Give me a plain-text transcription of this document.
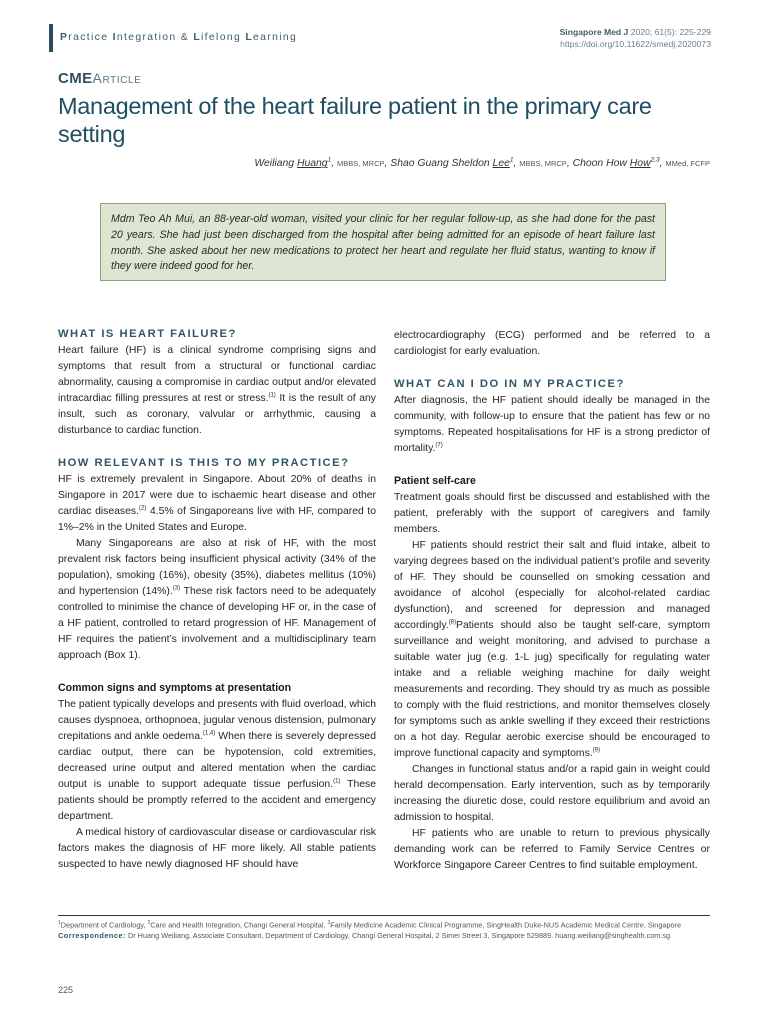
Practice Integration & Lifelong Learning	Singapore Med J 2020; 61(5): 225-229
https://doi.org/10.11622/smedj.2020073
CMEArticle
Management of the heart failure patient in the primary care setting
Weiliang Huang$^1$, MBBS, MRCP, Shao Guang Sheldon Lee$^1$, MBBS, MRCP, Choon How How$^{2,3}$, MMed, FCFP

Mdm Teo Ah Mui, an 88-year-old woman, visited your clinic for her regular follow-up, as she had done for the past 20 years. She had just been discharged from the hospital after being admitted for an episode of heart failure last month. She asked about her new medications to protect her heart and regulate her fluid status, wanting to know if they were indeed good for her.

WHAT IS HEART FAILURE?

Heart failure (HF) is a clinical syndrome comprising signs and symptoms that result from a structural or functional cardiac abnormality, causing a compromise in cardiac output and/or elevated intracardiac filling pressures at rest or stress.$^{(1)}$ It is the result of any insult, such as coronary, valvular or arrhythmic, causing a disturbance to cardiac function.

HOW RELEVANT IS THIS TO MY PRACTICE?

HF is extremely prevalent in Singapore. About 20% of deaths in Singapore in 2017 were due to ischaemic heart disease and other cardiac diseases.$^{(2)}$ 4.5% of Singaporeans live with HF, compared to 1%–2% in the United States and Europe.

Many Singaporeans are also at risk of HF, with the most prevalent risk factors being insufficient physical activity (34% of the population), smoking (16%), obesity (35%), diabetes mellitus (10%) and hypertension (14%).$^{(3)}$ These risk factors need to be adequately controlled to minimise the chance of developing HF or, in the case of a HF patient, controlled to retard progression of HF. Management of HF requires the patient’s involvement and a multidisciplinary team approach (Box 1).

Common signs and symptoms at presentation

The patient typically develops and presents with fluid overload, which causes dyspnoea, orthopnoea, jugular venous distension, pulmonary crepitations and ankle oedema.$^{(1,4)}$ When there is severely depressed cardiac output, there can be hypotension, cold extremities, decreased urine output and altered mentation when the cardiac output is unable to support adequate tissue perfusion.$^{(1)}$ These patients should be promptly referred to the accident and emergency department.

A medical history of cardiovascular disease or cardiovascular risk factors makes the diagnosis of HF more likely. All stable patients suspected to have newly diagnosed HF should have

electrocardiography (ECG) performed and be referred to a cardiologist for early evaluation.

WHAT CAN I DO IN MY PRACTICE?

After diagnosis, the HF patient should ideally be managed in the community, with follow-up to ensure that the patient has few or no symptoms. Repeated hospitalisations for HF is a strong predictor of mortality.$^{(7)}$

Patient self-care

Treatment goals should first be discussed and established with the patient, preferably with the support of caregivers and family members.

HF patients should restrict their salt and fluid intake, albeit to varying degrees based on the individual patient’s profile and severity of HF. They should be counselled on smoking cessation and avoidance of alcohol (especially for alcohol-related cardiac dysfunction), and screened for depression and managed accordingly.$^{(8)}$Patients should also be taught self-care, symptom surveillance and weight monitoring, and advised to purchase a suitable water jug (e.g. 1-L jug) specifically for regulating water intake and a reliable weighing machine for daily weight measurements and recording. They should try as much as possible to comply with the fluid restrictions, and monitor themselves closely for symptoms such as ankle swelling if they exceed their restrictions on a hot day. Regular aerobic exercise should be encouraged to improve functional capacity and symptoms.$^{(9)}$

Changes in functional status and/or a rapid gain in weight could herald decompensation. Early intervention, such as by temporarily increasing the diuretic dose, could restore equilibrium and avoid an admission to hospital.

HF patients who are unable to return to previous physically demanding work can be referred to Family Service Centres or Workforce Singapore Career Centres to find suitable employment.

$^1$Department of Cardiology, $^2$Care and Health Integration, Changi General Hospital, $^3$Family Medicine Academic Clinical Programme, SingHealth Duke-NUS Academic Medical Centre, Singapore

Correspondence: Dr Huang Weiliang, Associate Consultant, Department of Cardiology, Changi General Hospital, 2 Simei Street 3, Singapore 529889. huang.weiliang@singhealth.com.sg

225
